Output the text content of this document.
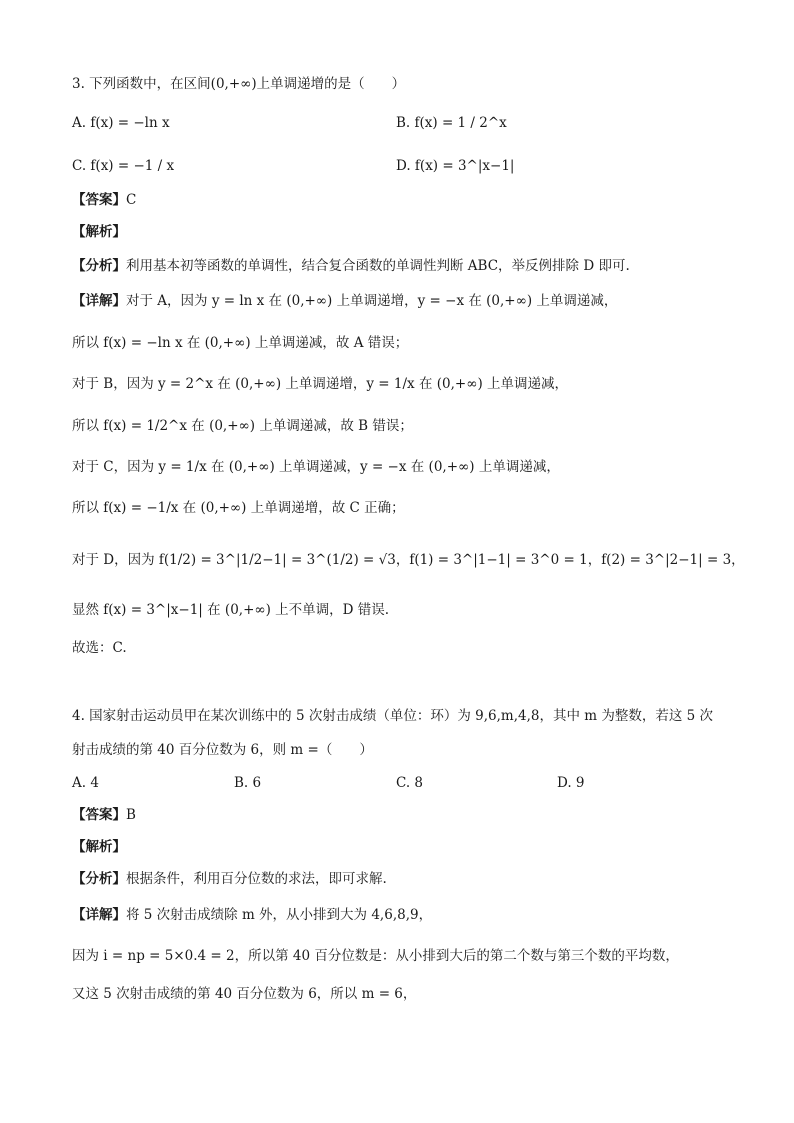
3. 下列函数中，在区间(0,+∞)上单调递增的是（　　）
A. f(x) = −ln x	B. f(x) = 1 / 2^x
C. f(x) = −1 / x	D. f(x) = 3^|x−1|
【答案】C
【解析】
【分析】利用基本初等函数的单调性，结合复合函数的单调性判断 ABC，举反例排除 D 即可.
【详解】对于 A，因为 y = ln x 在 (0,+∞) 上单调递增，y = −x 在 (0,+∞) 上单调递减，
所以 f(x) = −ln x 在 (0,+∞) 上单调递减，故 A 错误；
对于 B，因为 y = 2^x 在 (0,+∞) 上单调递增，y = 1/x 在 (0,+∞) 上单调递减，
所以 f(x) = 1/2^x 在 (0,+∞) 上单调递减，故 B 错误；
对于 C，因为 y = 1/x 在 (0,+∞) 上单调递减，y = −x 在 (0,+∞) 上单调递减，
所以 f(x) = −1/x 在 (0,+∞) 上单调递增，故 C 正确；
对于 D，因为 f(1/2) = 3^|1/2−1| = 3^(1/2) = √3，f(1) = 3^|1−1| = 3^0 = 1，f(2) = 3^|2−1| = 3，
显然 f(x) = 3^|x−1| 在 (0,+∞) 上不单调，D 错误.
故选：C.
4. 国家射击运动员甲在某次训练中的 5 次射击成绩（单位：环）为 9,6,m,4,8，其中 m 为整数，若这 5 次
射击成绩的第 40 百分位数为 6，则 m =（　　）
A. 4	B. 6	C. 8	D. 9
【答案】B
【解析】
【分析】根据条件，利用百分位数的求法，即可求解.
【详解】将 5 次射击成绩除 m 外，从小排到大为 4,6,8,9，
因为 i = np = 5×0.4 = 2，所以第 40 百分位数是：从小排到大后的第二个数与第三个数的平均数，
又这 5 次射击成绩的第 40 百分位数为 6，所以 m = 6，
